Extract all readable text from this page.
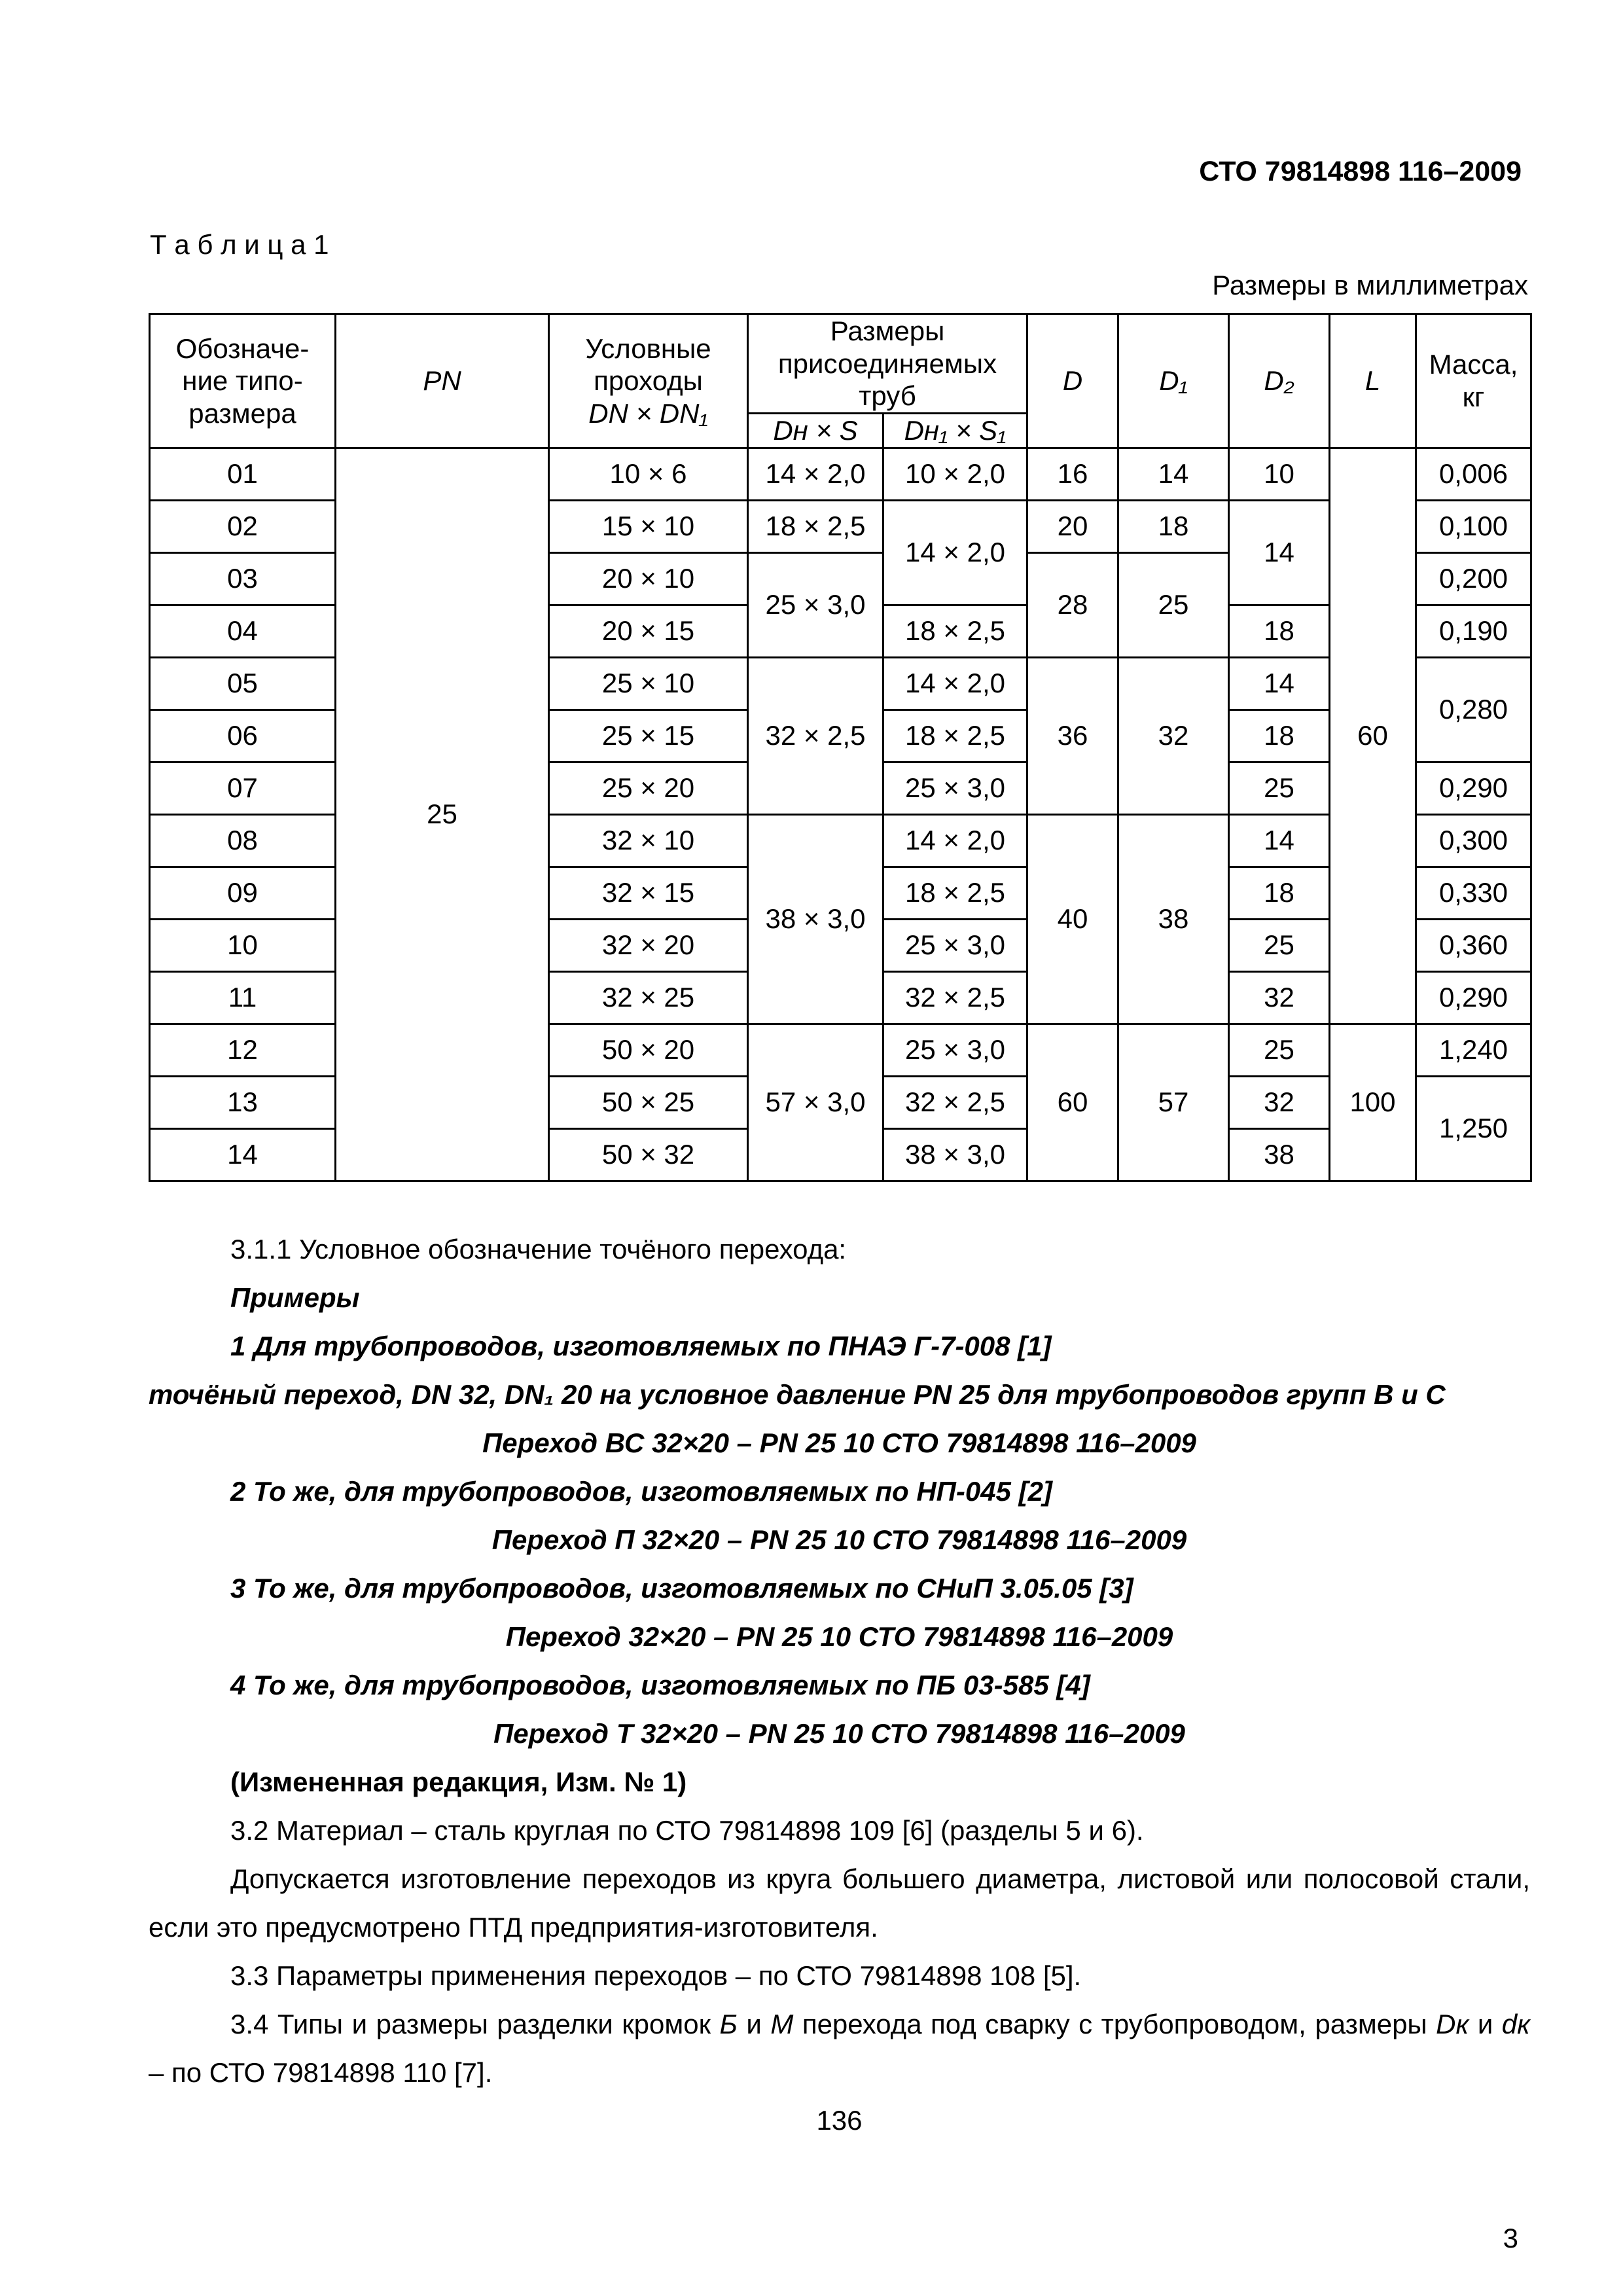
СТО 79814898 116–2009
Т а б л и ц а 1
Размеры в миллиметрах
Обозначе-
ние типо-
размера
	PN	
Условные проходы
DN × DN₁
	Размеры присоединяемых труб	D	D₁	D₂	L	Масса, кг
			Dн × S	Dн₁ × S₁					
01	25	10 × 6	14 × 2,0	10 × 2,0	16	14	10	60	0,006
02		15 × 10	18 × 2,5	14 × 2,0	20	18	14		0,100
03		20 × 10	25 × 3,0		28	25			0,200
04		20 × 15		18 × 2,5			18		0,190
05		25 × 10	32 × 2,5	14 × 2,0	36	32	14		0,280
06		25 × 15		18 × 2,5			18		
07		25 × 20		25 × 3,0			25		0,290
08		32 × 10	38 × 3,0	14 × 2,0	40	38	14		0,300
09		32 × 15		18 × 2,5			18		0,330
10		32 × 20		25 × 3,0			25		0,360
11		32 × 25		32 × 2,5			32		0,290
12		50 × 20	57 × 3,0	25 × 3,0	60	57	25	100	1,240
13		50 × 25		32 × 2,5			32		1,250
14		50 × 32		38 × 3,0			38		

3.1.1 Условное обозначение точёного перехода:

Примеры

1 Для трубопроводов, изготовляемых по ПНАЭ Г-7-008 [1]

точёный переход, DN 32, DN₁ 20 на условное давление PN 25 для трубопроводов групп В и С

Переход ВС 32×20 – PN 25 10 СТО 79814898 116–2009

2 То же, для трубопроводов, изготовляемых по НП-045 [2]

Переход П 32×20 – PN 25 10 СТО 79814898 116–2009

3 То же, для трубопроводов, изготовляемых по СНиП 3.05.05 [3]

Переход 32×20 – PN 25 10 СТО 79814898 116–2009

4 То же, для трубопроводов, изготовляемых по ПБ 03-585 [4]

Переход Т 32×20 – PN 25 10 СТО 79814898 116–2009

(Измененная редакция, Изм. № 1)

3.2 Материал – сталь круглая по СТО 79814898 109 [6] (разделы 5 и 6).

Допускается изготовление переходов из круга большего диаметра, листовой или полосовой стали, если это предусмотрено ПТД предприятия-изготовителя.

3.3 Параметры применения переходов – по СТО 79814898 108 [5].

3.4 Типы и размеры разделки кромок Б и М перехода под сварку с трубопроводом, размеры Dк и dк – по СТО 79814898 110 [7].

136
3
